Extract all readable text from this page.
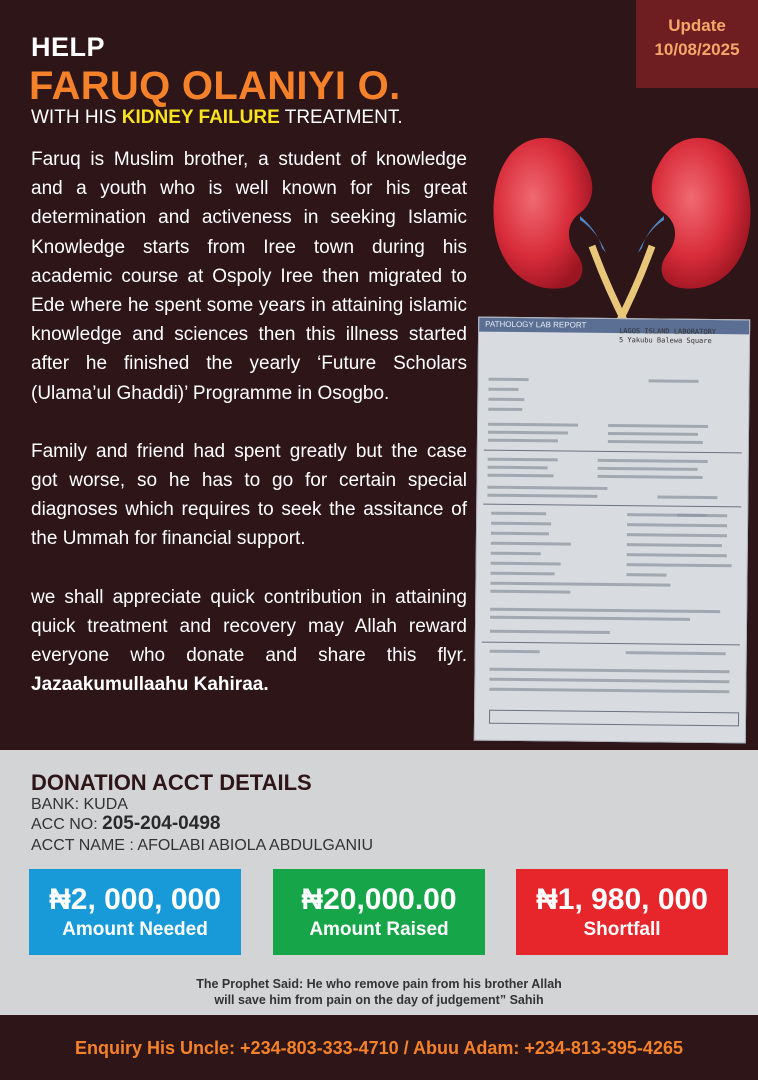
Update
10/08/2025
HELP
FARUQ OLANIYI O.
WITH HIS KIDNEY FAILURE TREATMENT.

Faruq is Muslim brother, a student of knowledge and a youth who is well known for his great determination and activeness in seeking Islamic Knowledge starts from Iree town during his academic course at Ospoly Iree then migrated to Ede where he spent some years in attaining islamic knowledge and sciences then this illness started after he finished the yearly ‘Future Scholars (Ulama’ul Ghaddi)’ Programme in Osogbo.

Family and friend had spent greatly but the case got worse, so he has to go for certain special diagnoses which requires to seek the assitance of the Ummah for financial support.

we shall appreciate quick contribution in attaining quick treatment and recovery may Allah reward everyone who donate and share this flyr. Jazaakumullaahu Kahiraa.

PATHOLOGY LAB REPORT
LAGOS ISLAND LABORATORY
5 Yakubu Balewa Square
DONATION ACCT DETAILS
BANK: KUDA
ACC NO: 205-204-0498
ACCT NAME : AFOLABI ABIOLA ABDULGANIU
₦2, 000, 000
Amount Needed
₦20,000.00
Amount Raised
₦1, 980, 000
Shortfall
The Prophet Said: He who remove pain from his brother Allah
will save him from pain on the day of judgement” Sahih
Enquiry His Uncle: +234-803-333-4710 / Abuu Adam: +234-813-395-4265
